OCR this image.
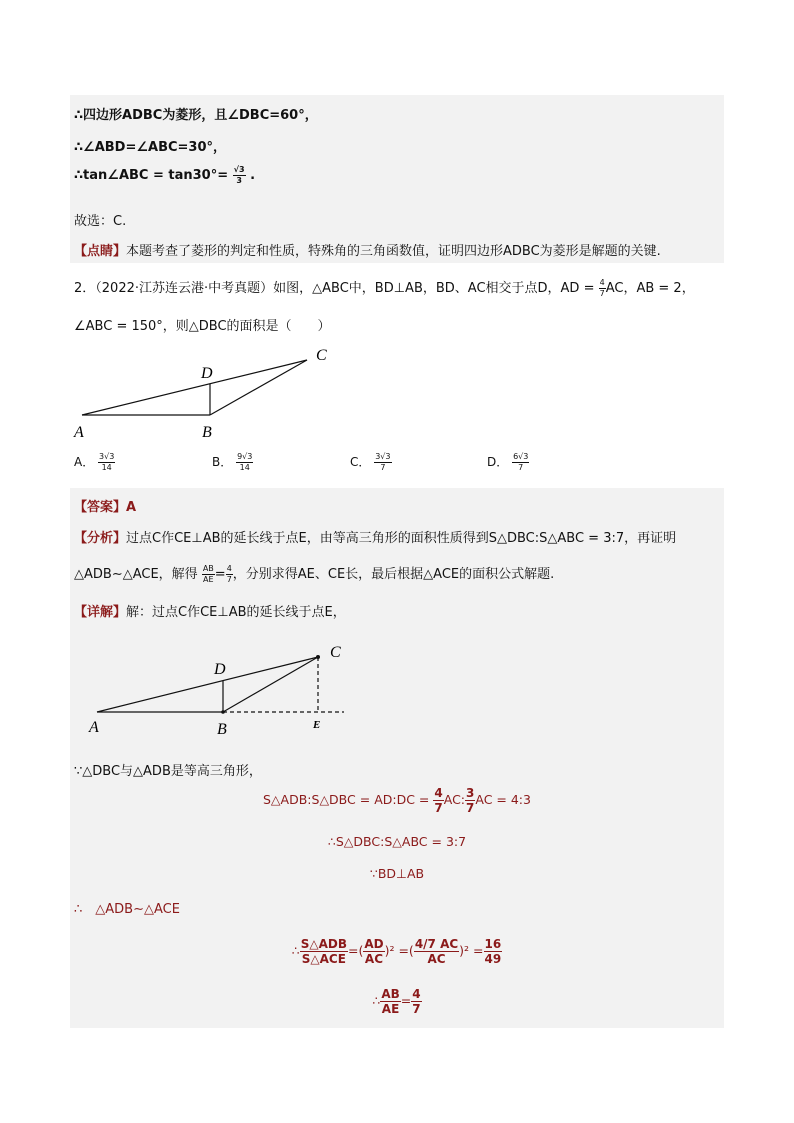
∴四边形ADBC为菱形，且∠DBC=60°，
∴∠ABD=∠ABC=30°，
∴tan∠ABC = $\tan 30^\circ= \frac{√3}{3}$ .
故选：C.
【点睛】本题考查了菱形的判定和性质，特殊角的三角函数值，证明四边形ADBC为菱形是解题的关键.
2．（2022·江苏连云港·中考真题）如图，△ABC中，BD⊥AB，BD、AC相交于点D，AD = $\frac{4}{7}$ AC，AB = 2，
∠ABC = 150°，则△DBC的面积是（　　）
A	B
C
D
A． $\frac{3√3}{14}$	B． $\frac{9√3}{14}$	C． $\frac{3√3}{7}$	D． $\frac{6√3}{7}$
【答案】A
【分析】过点C作CE⊥AB的延长线于点E，由等高三角形的面积性质得到S△DBC:S△ABC = 3:7，再证明
△ADB∼△ACE，解得 $\frac{AB}{AE} = \frac{4}{7}$ ，分别求得AE、CE长，最后根据△ACE的面积公式解题.
【详解】解：过点C作CE⊥AB的延长线于点E，
A	B
C
D
E
∵△DBC与△ADB是等高三角形，
S△ADB:S△DBC = AD:DC = $\frac{4}{7}$ AC: $\frac{3}{7}$ AC = 4:3
∴S△DBC:S△ABC = 3:7
∵BD⊥AB
∴　△ADB∼△ACE
∴ $\frac{\text{S△ADB}}{\text{S△ACE}}$ =( $\frac{AD}{AC} )^2$ =( $\frac{4/7 AC}{AC} )^2 = \frac{16}{49}$
∴ $\frac{AB}{AE} = \frac{4}{7}$
